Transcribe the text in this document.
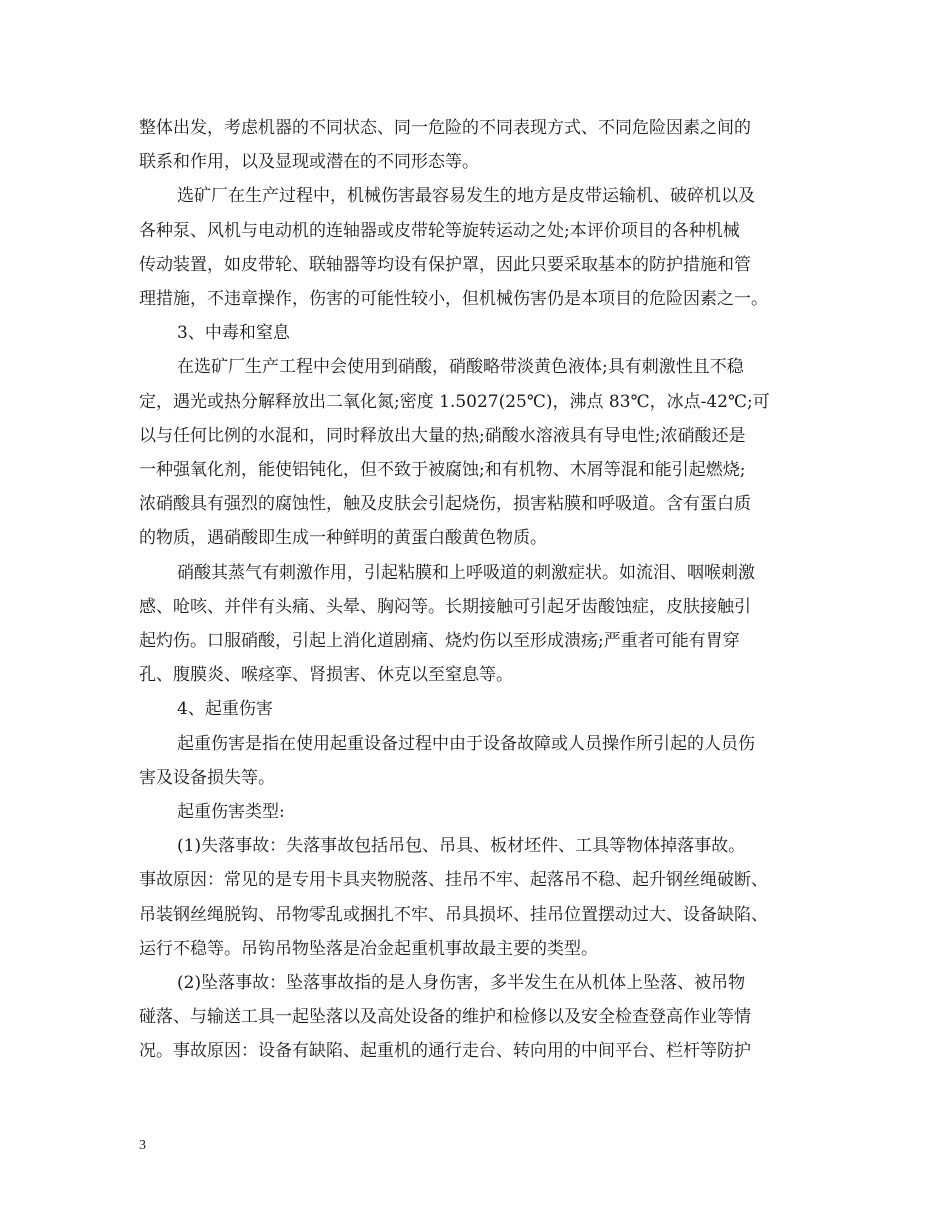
整体出发，考虑机器的不同状态、同一危险的不同表现方式、不同危险因素之间的
联系和作用，以及显现或潜在的不同形态等。
选矿厂在生产过程中，机械伤害最容易发生的地方是皮带运输机、破碎机以及
各种泵、风机与电动机的连轴器或皮带轮等旋转运动之处;本评价项目的各种机械
传动装置，如皮带轮、联轴器等均设有保护罩，因此只要采取基本的防护措施和管
理措施，不违章操作，伤害的可能性较小，但机械伤害仍是本项目的危险因素之一。
3、中毒和窒息
在选矿厂生产工程中会使用到硝酸，硝酸略带淡黄色液体;具有刺激性且不稳
定，遇光或热分解释放出二氧化氮;密度 1.5027(25℃)，沸点 83℃，冰点-42℃;可
以与任何比例的水混和，同时释放出大量的热;硝酸水溶液具有导电性;浓硝酸还是
一种强氧化剂，能使铝钝化，但不致于被腐蚀;和有机物、木屑等混和能引起燃烧;
浓硝酸具有强烈的腐蚀性，触及皮肤会引起烧伤，损害粘膜和呼吸道。含有蛋白质
的物质，遇硝酸即生成一种鲜明的黄蛋白酸黄色物质。
硝酸其蒸气有刺激作用，引起粘膜和上呼吸道的刺激症状。如流泪、咽喉刺激
感、呛咳、并伴有头痛、头晕、胸闷等。长期接触可引起牙齿酸蚀症，皮肤接触引
起灼伤。口服硝酸，引起上消化道剧痛、烧灼伤以至形成溃疡;严重者可能有胃穿
孔、腹膜炎、喉痉挛、肾损害、休克以至窒息等。
4、起重伤害
起重伤害是指在使用起重设备过程中由于设备故障或人员操作所引起的人员伤
害及设备损失等。
起重伤害类型:
(1)失落事故：失落事故包括吊包、吊具、板材坯件、工具等物体掉落事故。
事故原因：常见的是专用卡具夹物脱落、挂吊不牢、起落吊不稳、起升钢丝绳破断、
吊装钢丝绳脱钩、吊物零乱或捆扎不牢、吊具损坏、挂吊位置摆动过大、设备缺陷、
运行不稳等。吊钩吊物坠落是冶金起重机事故最主要的类型。
(2)坠落事故：坠落事故指的是人身伤害，多半发生在从机体上坠落、被吊物
碰落、与输送工具一起坠落以及高处设备的维护和检修以及安全检查登高作业等情
况。事故原因：设备有缺陷、起重机的通行走台、转向用的中间平台、栏杆等防护
3
